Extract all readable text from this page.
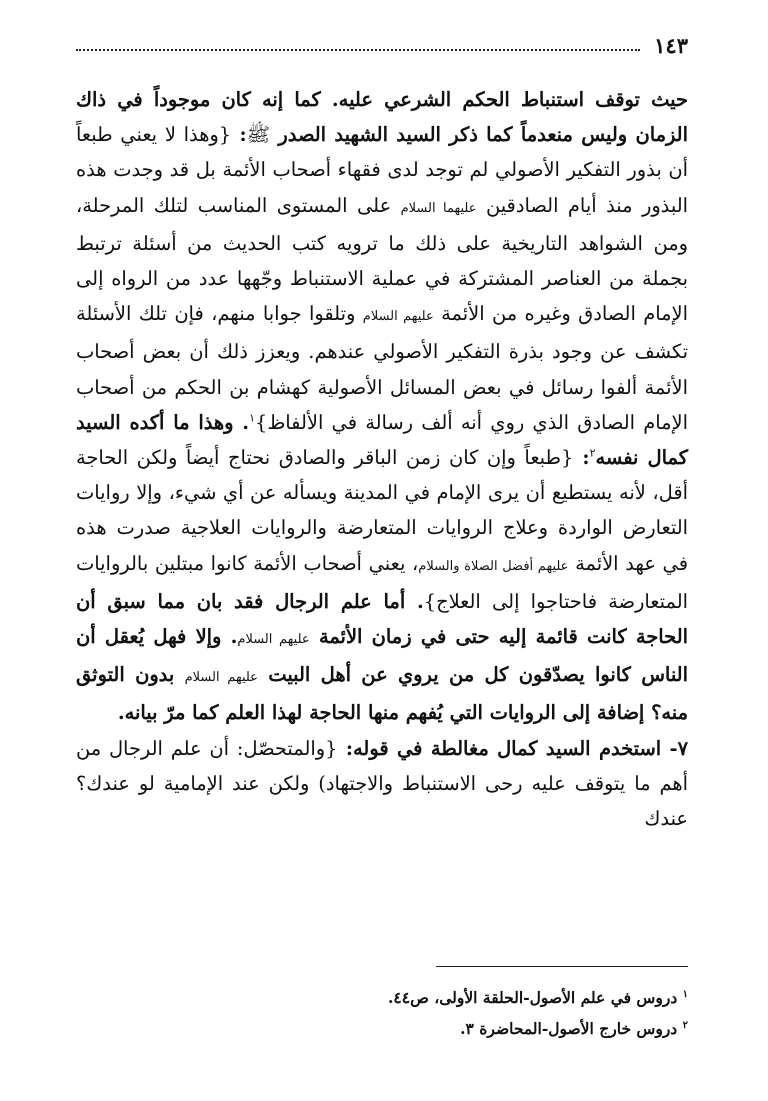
١٤٣

حيث توقف استنباط الحكم الشرعي عليه. كما إنه كان موجوداً في ذاك الزمان وليس منعدماً كما ذكر السيد الشهيد الصدر ﷺ: {وهذا لا يعني طبعاً أن بذور التفكير الأصولي لم توجد لدى فقهاء أصحاب الأئمة بل قد وجدت هذه البذور منذ أيام الصادقين عليهما السلام على المستوى المناسب لتلك المرحلة، ومن الشواهد التاريخية على ذلك ما ترويه كتب الحديث من أسئلة ترتبط بجملة من العناصر المشتركة في عملية الاستنباط وجّهها عدد من الرواه إلى الإمام الصادق وغيره من الأئمة عليهم السلام وتلقوا جوابا منهم، فإن تلك الأسئلة تكشف عن وجود بذرة التفكير الأصولي عندهم. ويعزز ذلك أن بعض أصحاب الأئمة ألفوا رسائل في بعض المسائل الأصولية كهشام بن الحكم من أصحاب الإمام الصادق الذي روي أنه ألف رسالة في الألفاظ}$^١$. وهذا ما أكده السيد كمال نفسه$^٢$: {طبعاً وإن كان زمن الباقر والصادق نحتاج أيضاً ولكن الحاجة أقل، لأنه يستطيع أن يرى الإمام في المدينة ويسأله عن أي شيء، وإلا روايات التعارض الواردة وعلاج الروايات المتعارضة والروايات العلاجية صدرت هذه في عهد الأئمة عليهم أفضل الصلاة والسلام، يعني أصحاب الأئمة كانوا مبتلين بالروايات المتعارضة فاحتاجوا إلى العلاج}. أما علم الرجال فقد بان مما سبق أن الحاجة كانت قائمة إليه حتى في زمان الأئمة عليهم السلام. وإلا فهل يُعقل أن الناس كانوا يصدّقون كل من يروي عن أهل البيت عليهم السلام بدون التوثق منه؟ إضافة إلى الروايات التي يُفهم منها الحاجة لهذا العلم كما مرّ بيانه.

٧- استخدم السيد كمال مغالطة في قوله: {والمتحصّل: أن علم الرجال من أهم ما يتوقف عليه رحى الاستنباط والاجتهاد) ولكن عند الإمامية لو عندك؟ عندك

$^١$ دروس في علم الأصول-الحلقة الأولى، ص٤٤.
$^٢$ دروس خارج الأصول-المحاضرة ٣.
